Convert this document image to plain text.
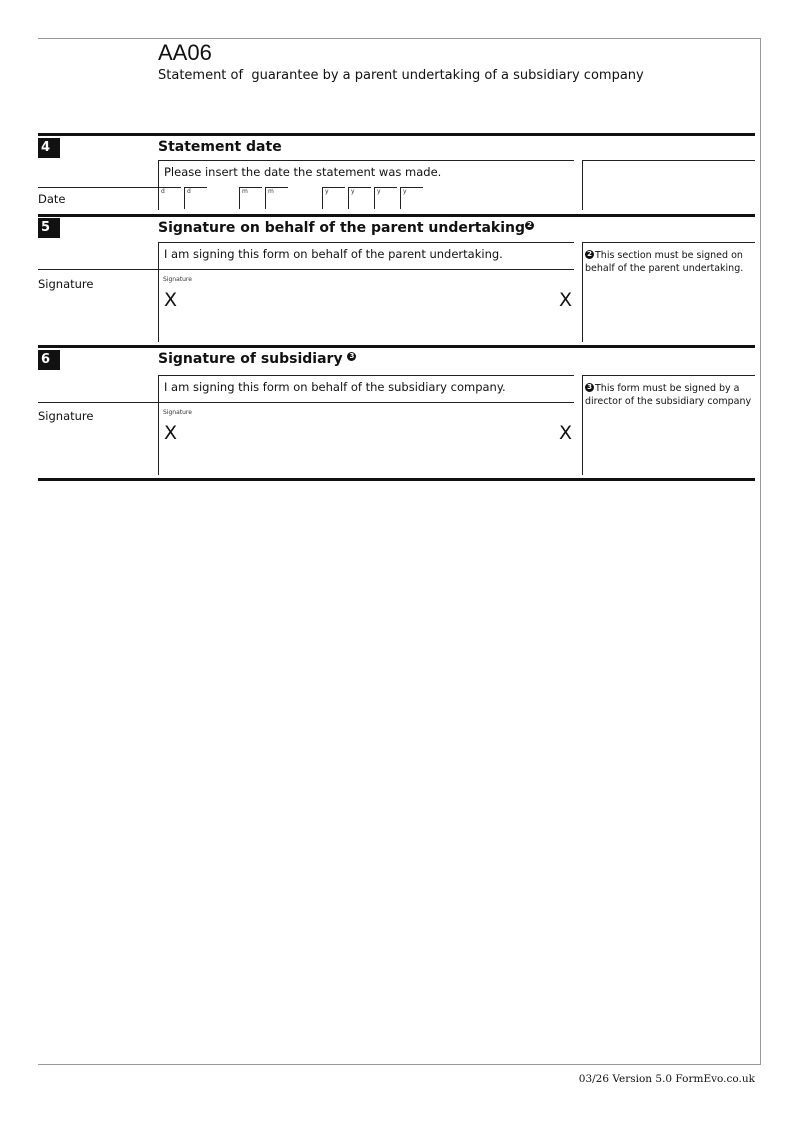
AA06
Statement of  guarantee by a parent undertaking of a subsidiary company
4	Statement date
Please insert the date the statement was made.
Date
d	d	m	m	y	y	y	y
5	Signature on behalf of the parent undertaking 2
I am signing this form on behalf of the parent undertaking.	2 This section must be signed on behalf of the parent undertaking.
Signature	Signature
X	X
6	Signature of subsidiary 3
I am signing this form on behalf of the subsidiary company.	3 This form must be signed by a director of the subsidiary company
Signature	Signature
X	X
03/26 Version 5.0 FormEvo.co.uk
